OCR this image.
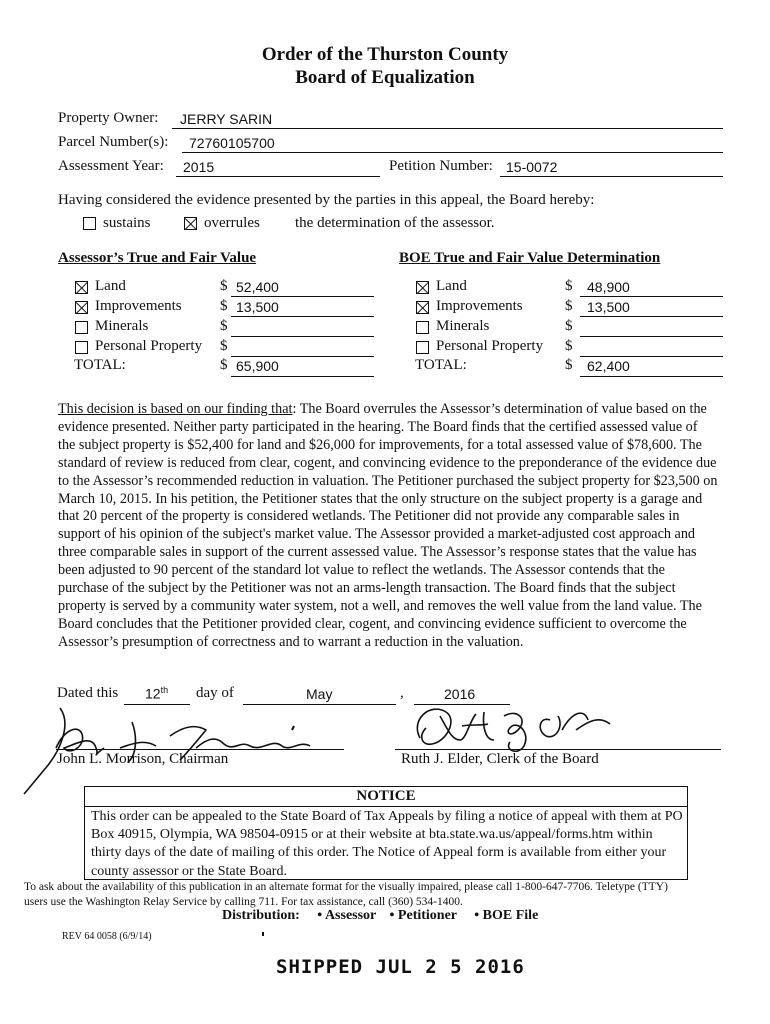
Order of the Thurston County
Board of Equalization
Property Owner: JERRY SARIN
Parcel Number(s): 72760105700
Assessment Year: 2015	Petition Number: 15-0072
Having considered the evidence presented by the parties in this appeal, the Board hereby:
sustains	overrules the determination of the assessor.
Assessor’s True and Fair Value
Land	$ 52,400
Improvements	$ 13,500
Minerals	$
Personal Property $
TOTAL:	$ 65,900
BOE True and Fair Value Determination
Land	$ 48,900
Improvements	$ 13,500
Minerals	$
Personal Property $
TOTAL:	$ 62,400
This decision is based on our finding that: The Board overrules the Assessor’s determination of value based on the evidence presented. Neither party participated in the hearing. The Board finds that the certified assessed value of the subject property is $52,400 for land and $26,000 for improvements, for a total assessed value of $78,600. The standard of review is reduced from clear, cogent, and convincing evidence to the preponderance of the evidence due to the Assessor’s recommended reduction in valuation. The Petitioner purchased the subject property for $23,500 on March 10, 2015. In his petition, the Petitioner states that the only structure on the subject property is a garage and that 20 percent of the property is considered wetlands. The Petitioner did not provide any comparable sales in support of his opinion of the subject's market value. The Assessor provided a market-adjusted cost approach and three comparable sales in support of the current assessed value. The Assessor’s response states that the value has been adjusted to 90 percent of the standard lot value to reflect the wetlands. The Assessor contends that the purchase of the subject by the Petitioner was not an arms-length transaction. The Board finds that the subject property is served by a community water system, not a well, and removes the well value from the land value. The Board concludes that the Petitioner provided clear, cogent, and convincing evidence sufficient to overcome the Assessor’s presumption of correctness and to warrant a reduction in the valuation.
Dated this 12th day of	May	,	2016
John L. Morrison, Chairman	Ruth J. Elder, Clerk of the Board
NOTICE
This order can be appealed to the State Board of Tax Appeals by filing a notice of appeal with them at PO Box 40915, Olympia, WA 98504-0915 or at their website at bta.state.wa.us/appeal/forms.htm within thirty days of the date of mailing of this order. The Notice of Appeal form is available from either your county assessor or the State Board.
To ask about the availability of this publication in an alternate format for the visually impaired, please call 1-800-647-7706. Teletype (TTY) users use the Washington Relay Service by calling 711. For tax assistance, call (360) 534-1400.
Distribution: • Assessor • Petitioner • BOE File
REV 64 0058 (6/9/14)
SHIPPED JUL 2 5 2016
